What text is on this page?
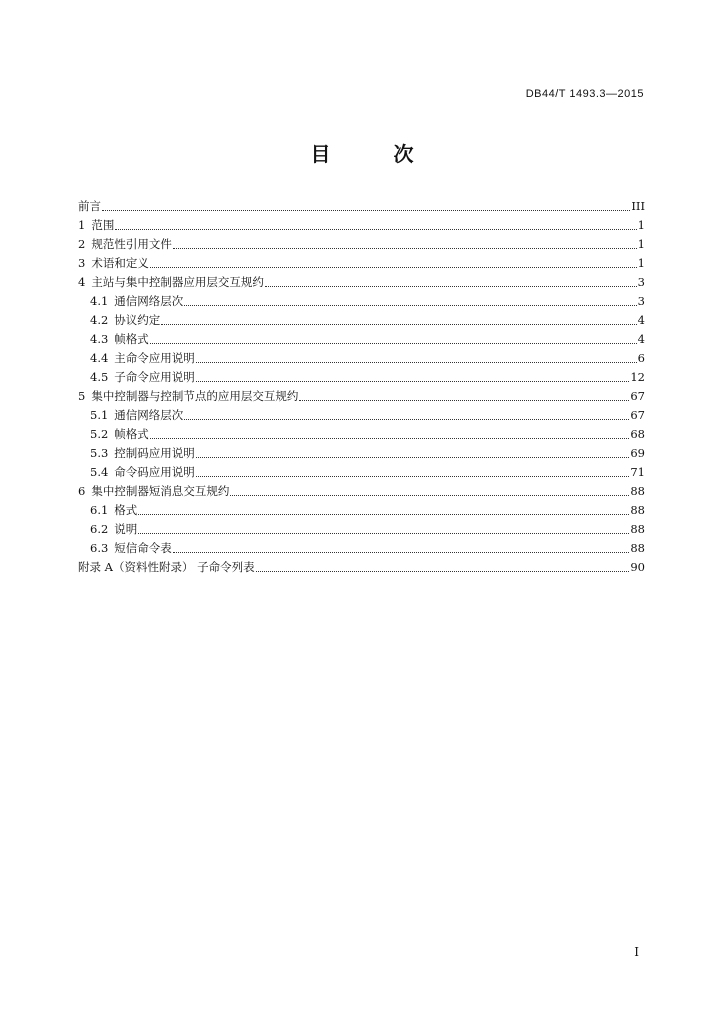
DB44/T 1493.3—2015
目 次
前言	III
1 范围	1
2 规范性引用文件	1
3 术语和定义	1
4 主站与集中控制器应用层交互规约	3
4.1 通信网络层次	3
4.2 协议约定	4
4.3 帧格式	4
4.4 主命令应用说明	6
4.5 子命令应用说明	12
5 集中控制器与控制节点的应用层交互规约	67
5.1 通信网络层次	67
5.2 帧格式	68
5.3 控制码应用说明	69
5.4 命令码应用说明	71
6 集中控制器短消息交互规约	88
6.1 格式	88
6.2 说明	88
6.3 短信命令表	88
附录 A（资料性附录） 子命令列表	90
I
